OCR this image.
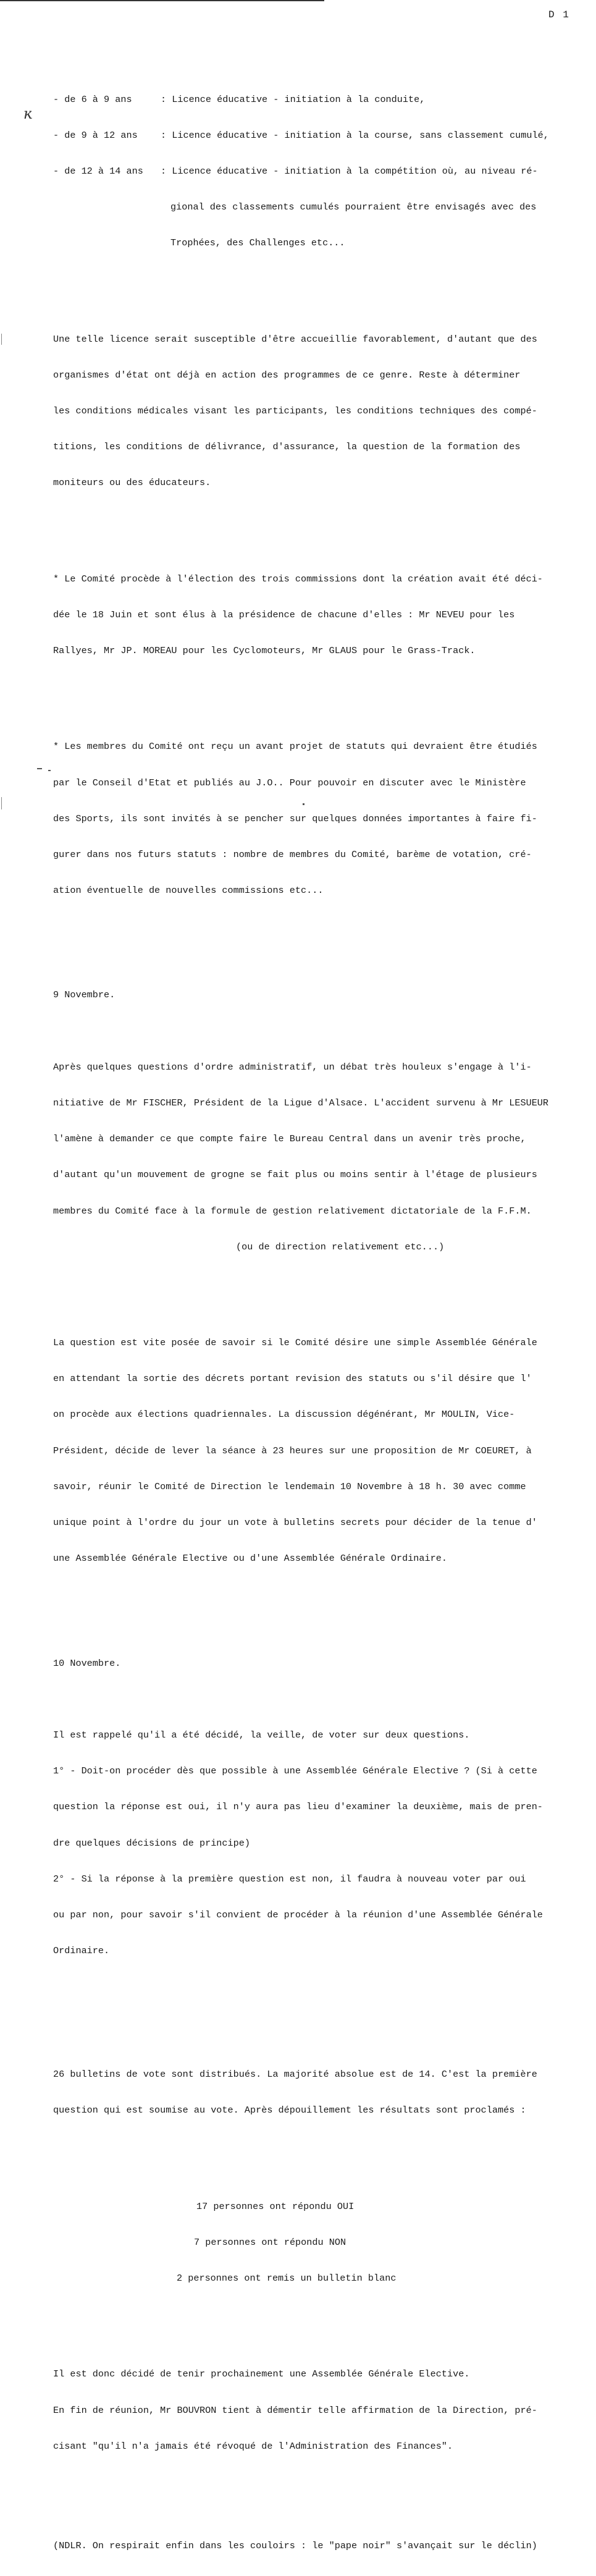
D 1
ĸ

- de 6 à 9 ans	: Licence éducative - initiation à la conduite,

- de 9 à 12 ans : Licence éducative - initiation à la course, sans classement cumulé,

- de 12 à 14 ans : Licence éducative - initiation à la compétition où, au niveau ré-

gional des classements cumulés pourraient être envisagés avec des

Trophées, des Challenges etc...

Une telle licence serait susceptible d'être accueillie favorablement, d'autant que des

organismes d'état ont déjà en action des programmes de ce genre. Reste à déterminer

les conditions médicales visant les participants, les conditions techniques des compé-

titions, les conditions de délivrance, d'assurance, la question de la formation des

moniteurs ou des éducateurs.

* Le Comité procède à l'élection des trois commissions dont la création avait été déci-

dée le 18 Juin et sont élus à la présidence de chacune d'elles : Mr NEVEU pour les

Rallyes, Mr JP. MOREAU pour les Cyclomoteurs, Mr GLAUS pour le Grass-Track.

* Les membres du Comité ont reçu un avant projet de statuts qui devraient être étudiés

par le Conseil d'Etat et publiés au J.O.. Pour pouvoir en discuter avec le Ministère

des Sports, ils sont invités à se pencher sur quelques données importantes à faire fi-

gurer dans nos futurs statuts : nombre de membres du Comité, barème de votation, cré-

ation éventuelle de nouvelles commissions etc...

9 Novembre.

Après quelques questions d'ordre administratif, un débat très houleux s'engage à l'i-

nitiative de Mr FISCHER, Président de la Ligue d'Alsace. L'accident survenu à Mr LESUEUR

l'amène à demander ce que compte faire le Bureau Central dans un avenir très proche,

d'autant qu'un mouvement de grogne se fait plus ou moins sentir à l'étage de plusieurs

membres du Comité face à la formule de gestion relativement dictatoriale de la F.F.M.

(ou de direction relativement etc...)

La question est vite posée de savoir si le Comité désire une simple Assemblée Générale

en attendant la sortie des décrets portant revision des statuts ou s'il désire que l'

on procède aux élections quadriennales. La discussion dégénérant, Mr MOULIN, Vice-

Président, décide de lever la séance à 23 heures sur une proposition de Mr COEURET, à

savoir, réunir le Comité de Direction le lendemain 10 Novembre à 18 h. 30 avec comme

unique point à l'ordre du jour un vote à bulletins secrets pour décider de la tenue d'

une Assemblée Générale Elective ou d'une Assemblée Générale Ordinaire.

10 Novembre.

Il est rappelé qu'il a été décidé, la veille, de voter sur deux questions.

1° - Doit-on procéder dès que possible à une Assemblée Générale Elective ? (Si à cette

question la réponse est oui, il n'y aura pas lieu d'examiner la deuxième, mais de pren-

dre quelques décisions de principe)

2° - Si la réponse à la première question est non, il faudra à nouveau voter par oui

ou par non, pour savoir s'il convient de procéder à la réunion d'une Assemblée Générale

Ordinaire.

26 bulletins de vote sont distribués. La majorité absolue est de 14. C'est la première

question qui est soumise au vote. Après dépouillement les résultats sont proclamés :

17 personnes ont répondu OUI

7 personnes ont répondu NON

2 personnes ont remis un bulletin blanc

Il est donc décidé de tenir prochainement une Assemblée Générale Elective.

En fin de réunion, Mr BOUVRON tient à démentir telle affirmation de la Direction, pré-

cisant "qu'il n'a jamais été révoqué de l'Administration des Finances".

(NDLR. On respirait enfin dans les couloirs : le "pape noir" s'avançait sur le déclin)
